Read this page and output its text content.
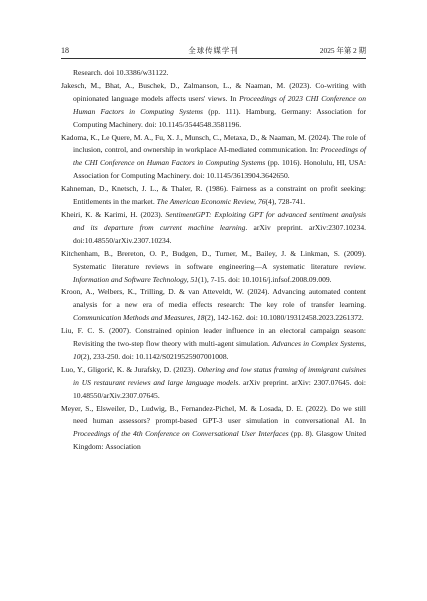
18	全球传媒学刊	2025 年第 2 期

Research. doi 10.3386/w31122.

Jakesch, M., Bhat, A., Buschek, D., Zalmanson, L., & Naaman, M. (2023). Co-writing with opinionated language models affects users' views. In Proceedings of 2023 CHI Conference on Human Factors in Computing Systems (pp. 111). Hamburg, Germany: Association for Computing Machinery. doi: 10.1145/3544548.3581196.

Kadoma, K., Le Quere, M. A., Fu, X. J., Munsch, C., Metaxa, D., & Naaman, M. (2024). The role of inclusion, control, and ownership in workplace AI-mediated communication. In: Proceedings of the CHI Conference on Human Factors in Computing Systems (pp. 1016). Honolulu, HI, USA: Association for Computing Machinery. doi: 10.1145/3613904.3642650.

Kahneman, D., Knetsch, J. L., & Thaler, R. (1986). Fairness as a constraint on profit seeking: Entitlements in the market. The American Economic Review, 76(4), 728-741.

Kheiri, K. & Karimi, H. (2023). SentimentGPT: Exploiting GPT for advanced sentiment analysis and its departure from current machine learning. arXiv preprint. arXiv:2307.10234. doi:10.48550/arXiv.2307.10234.

Kitchenham, B., Brereton, O. P., Budgen, D., Turner, M., Bailey, J. & Linkman, S. (2009). Systematic literature reviews in software engineering—A systematic literature review. Information and Software Technology, 51(1), 7-15. doi: 10.1016/j.infsof.2008.09.009.

Kroon, A., Welbers, K., Trilling, D. & van Atteveldt, W. (2024). Advancing automated content analysis for a new era of media effects research: The key role of transfer learning. Communication Methods and Measures, 18(2), 142-162. doi: 10.1080/19312458.2023.2261372.

Liu, F. C. S. (2007). Constrained opinion leader influence in an electoral campaign season: Revisiting the two-step flow theory with multi-agent simulation. Advances in Complex Systems, 10(2), 233-250. doi: 10.1142/S0219525907001008.

Luo, Y., Gligorić, K. & Jurafsky, D. (2023). Othering and low status framing of immigrant cuisines in US restaurant reviews and large language models. arXiv preprint. arXiv: 2307.07645. doi: 10.48550/arXiv.2307.07645.

Meyer, S., Elsweiler, D., Ludwig, B., Fernandez-Pichel, M. & Losada, D. E. (2022). Do we still need human assessors? prompt-based GPT-3 user simulation in conversational AI. In Proceedings of the 4th Conference on Conversational User Interfaces (pp. 8). Glasgow United Kingdom: Association
